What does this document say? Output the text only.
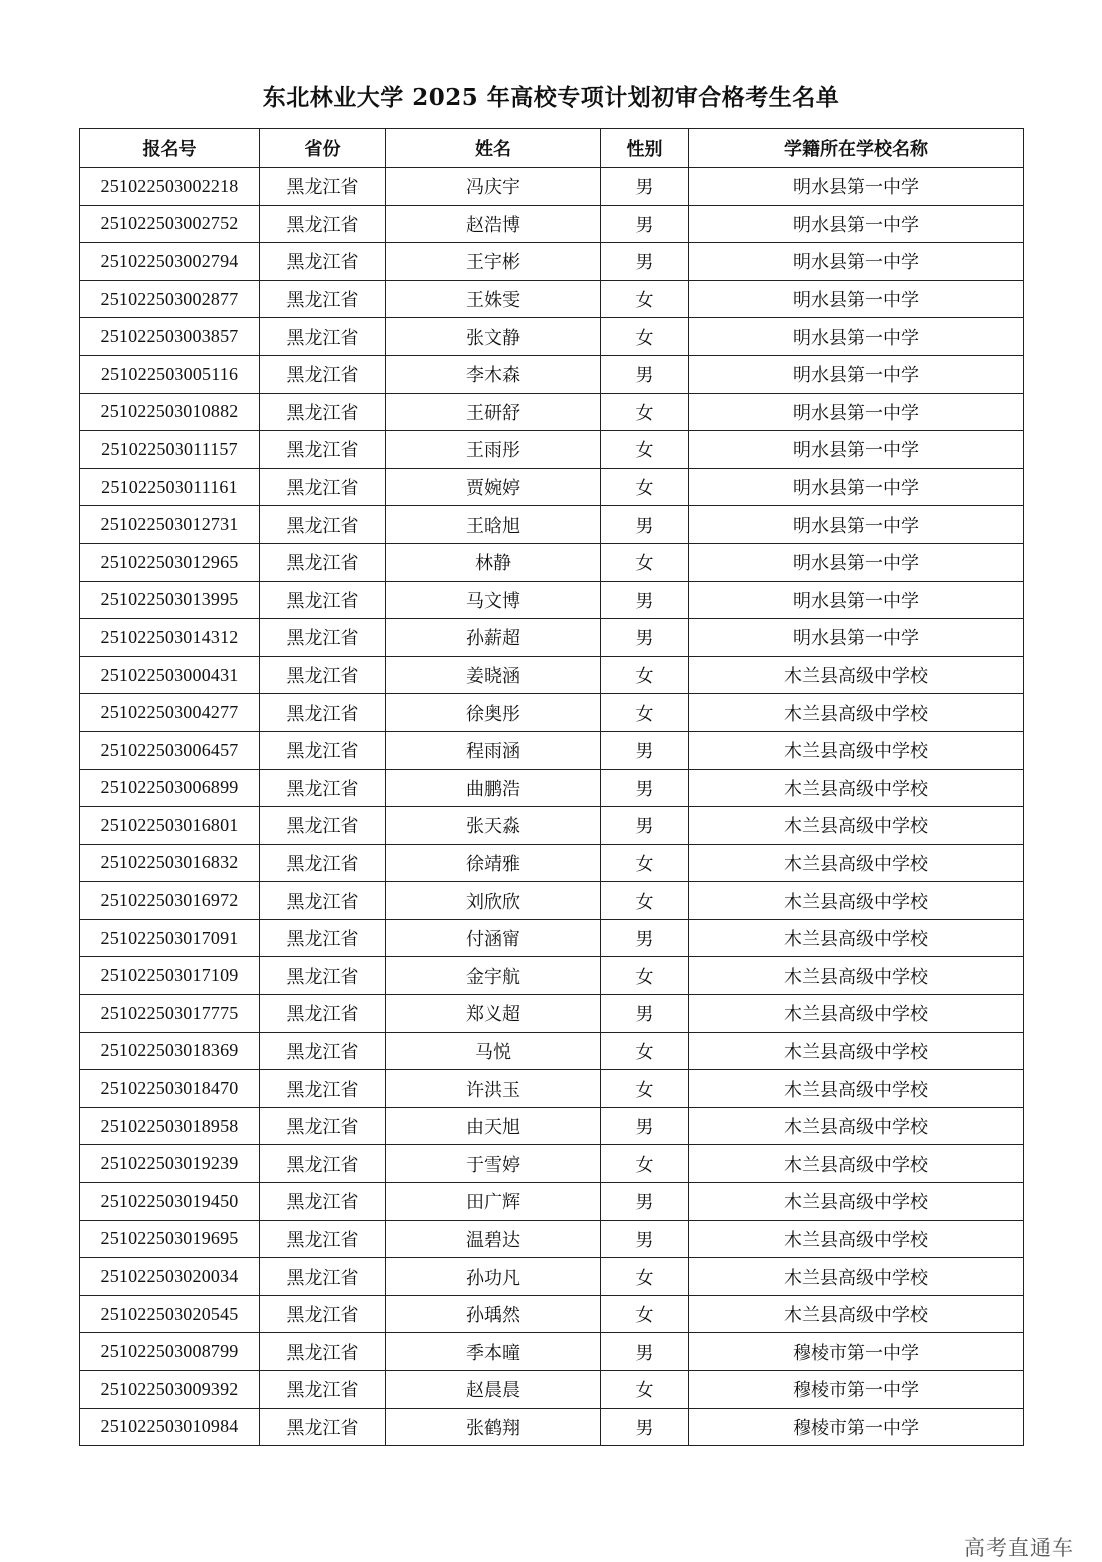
东北林业大学 2025 年高校专项计划初审合格考生名单
报名号	省份	姓名	性别	学籍所在学校名称
251022503002218	黑龙江省	冯庆宇	男	明水县第一中学
251022503002752	黑龙江省	赵浩博	男	明水县第一中学
251022503002794	黑龙江省	王宇彬	男	明水县第一中学
251022503002877	黑龙江省	王姝雯	女	明水县第一中学
251022503003857	黑龙江省	张文静	女	明水县第一中学
251022503005116	黑龙江省	李木森	男	明水县第一中学
251022503010882	黑龙江省	王研舒	女	明水县第一中学
251022503011157	黑龙江省	王雨彤	女	明水县第一中学
251022503011161	黑龙江省	贾婉婷	女	明水县第一中学
251022503012731	黑龙江省	王晗旭	男	明水县第一中学
251022503012965	黑龙江省	林静	女	明水县第一中学
251022503013995	黑龙江省	马文博	男	明水县第一中学
251022503014312	黑龙江省	孙薪超	男	明水县第一中学
251022503000431	黑龙江省	姜晓涵	女	木兰县高级中学校
251022503004277	黑龙江省	徐奥彤	女	木兰县高级中学校
251022503006457	黑龙江省	程雨涵	男	木兰县高级中学校
251022503006899	黑龙江省	曲鹏浩	男	木兰县高级中学校
251022503016801	黑龙江省	张天淼	男	木兰县高级中学校
251022503016832	黑龙江省	徐靖雅	女	木兰县高级中学校
251022503016972	黑龙江省	刘欣欣	女	木兰县高级中学校
251022503017091	黑龙江省	付涵甯	男	木兰县高级中学校
251022503017109	黑龙江省	金宇航	女	木兰县高级中学校
251022503017775	黑龙江省	郑义超	男	木兰县高级中学校
251022503018369	黑龙江省	马悦	女	木兰县高级中学校
251022503018470	黑龙江省	许洪玉	女	木兰县高级中学校
251022503018958	黑龙江省	由天旭	男	木兰县高级中学校
251022503019239	黑龙江省	于雪婷	女	木兰县高级中学校
251022503019450	黑龙江省	田广辉	男	木兰县高级中学校
251022503019695	黑龙江省	温碧达	男	木兰县高级中学校
251022503020034	黑龙江省	孙功凡	女	木兰县高级中学校
251022503020545	黑龙江省	孙瑀然	女	木兰县高级中学校
251022503008799	黑龙江省	季本曈	男	穆棱市第一中学
251022503009392	黑龙江省	赵晨晨	女	穆棱市第一中学
251022503010984	黑龙江省	张鹤翔	男	穆棱市第一中学
高考直通车
